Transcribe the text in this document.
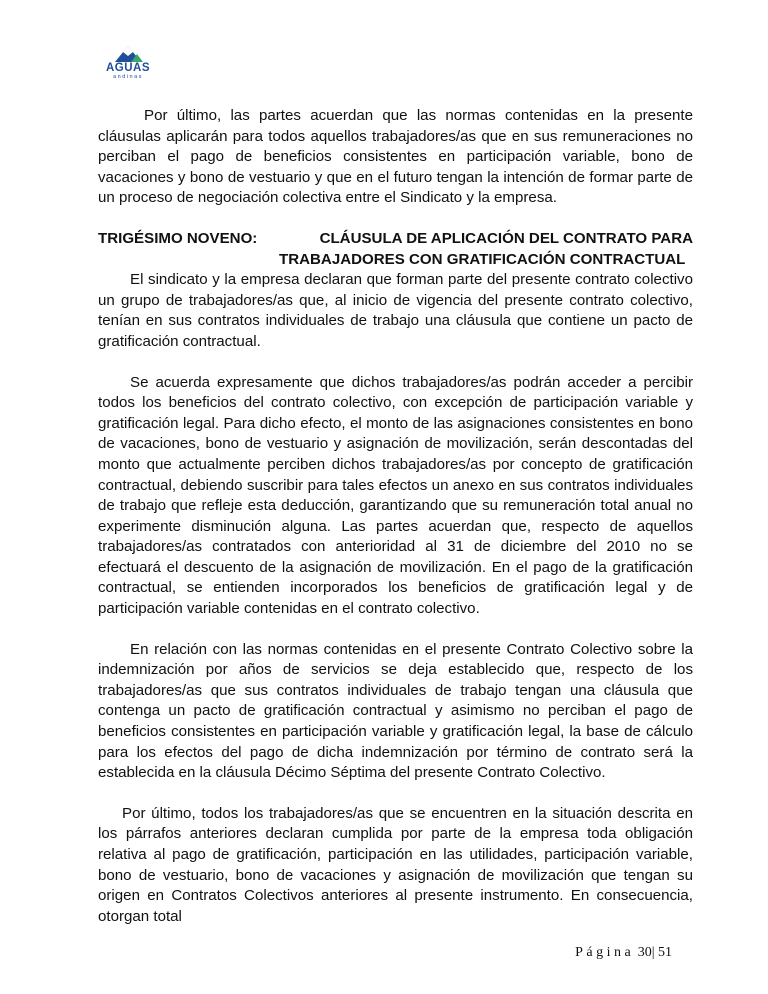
AGUAS
andinas

Por último, las partes acuerdan que las normas contenidas en la presente cláusulas aplicarán para todos aquellos trabajadores/as que en sus remuneraciones no perciban el pago de beneficios consistentes en participación variable, bono de vacaciones y bono de vestuario y que en el futuro tengan la intención de formar parte de un proceso de negociación colectiva entre el Sindicato y la empresa.

TRIGÉSIMO NOVENO:	CLÁUSULA DE APLICACIÓN DEL CONTRATO PARA
TRABAJADORES CON GRATIFICACIÓN CONTRACTUAL

El sindicato y la empresa declaran que forman parte del presente contrato colectivo un grupo de trabajadores/as que, al inicio de vigencia del presente contrato colectivo, tenían en sus contratos individuales de trabajo una cláusula que contiene un pacto de gratificación contractual.

Se acuerda expresamente que dichos trabajadores/as podrán acceder a percibir todos los beneficios del contrato colectivo, con excepción de participación variable y gratificación legal. Para dicho efecto, el monto de las asignaciones consistentes en bono de vacaciones, bono de vestuario y asignación de movilización, serán descontadas del monto que actualmente perciben dichos trabajadores/as por concepto de gratificación contractual, debiendo suscribir para tales efectos un anexo en sus contratos individuales de trabajo que refleje esta deducción, garantizando que su remuneración total anual no experimente disminución alguna. Las partes acuerdan que, respecto de aquellos trabajadores/as contratados con anterioridad al 31 de diciembre del 2010 no se efectuará el descuento de la asignación de movilización. En el pago de la gratificación contractual, se entienden incorporados los beneficios de gratificación legal y de participación variable contenidas en el contrato colectivo.

En relación con las normas contenidas en el presente Contrato Colectivo sobre la indemnización por años de servicios se deja establecido que, respecto de los trabajadores/as que sus contratos individuales de trabajo tengan una cláusula que contenga un pacto de gratificación contractual y asimismo no perciban el pago de beneficios consistentes en participación variable y gratificación legal, la base de cálculo para los efectos del pago de dicha indemnización por término de contrato será la establecida en la cláusula Décimo Séptima del presente Contrato Colectivo.

Por último, todos los trabajadores/as que se encuentren en la situación descrita en los párrafos anteriores declaran cumplida por parte de la empresa toda obligación relativa al pago de gratificación, participación en las utilidades, participación variable, bono de vestuario, bono de vacaciones y asignación de movilización que tengan su origen en Contratos Colectivos anteriores al presente instrumento. En consecuencia, otorgan total

Página 30| 51
